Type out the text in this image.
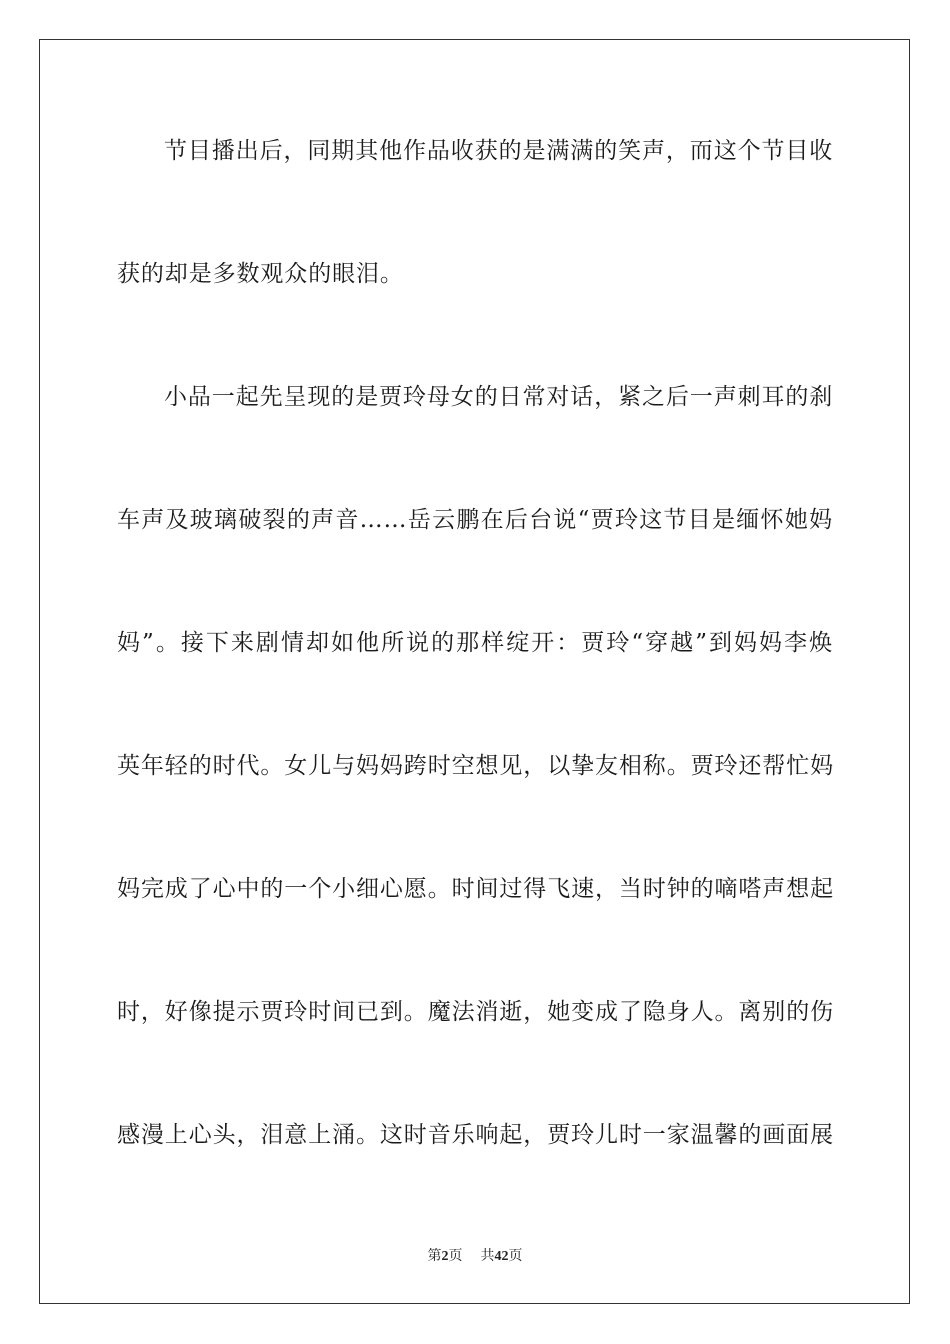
节目播出后，同期其他作品收获的是满满的笑声，而这个节目收
获的却是多数观众的眼泪。
小品一起先呈现的是贾玲母女的日常对话，紧之后一声刺耳的刹
车声及玻璃破裂的声音……岳云鹏在后台说“贾玲这节目是缅怀她妈
妈”。接下来剧情却如他所说的那样绽开：贾玲“穿越”到妈妈李焕
英年轻的时代。女儿与妈妈跨时空想见，以挚友相称。贾玲还帮忙妈
妈完成了心中的一个小细心愿。时间过得飞速，当时钟的嘀嗒声想起
时，好像提示贾玲时间已到。魔法消逝，她变成了隐身人。离别的伤
感漫上心头，泪意上涌。这时音乐响起，贾玲儿时一家温馨的画面展
第2页 共42页
